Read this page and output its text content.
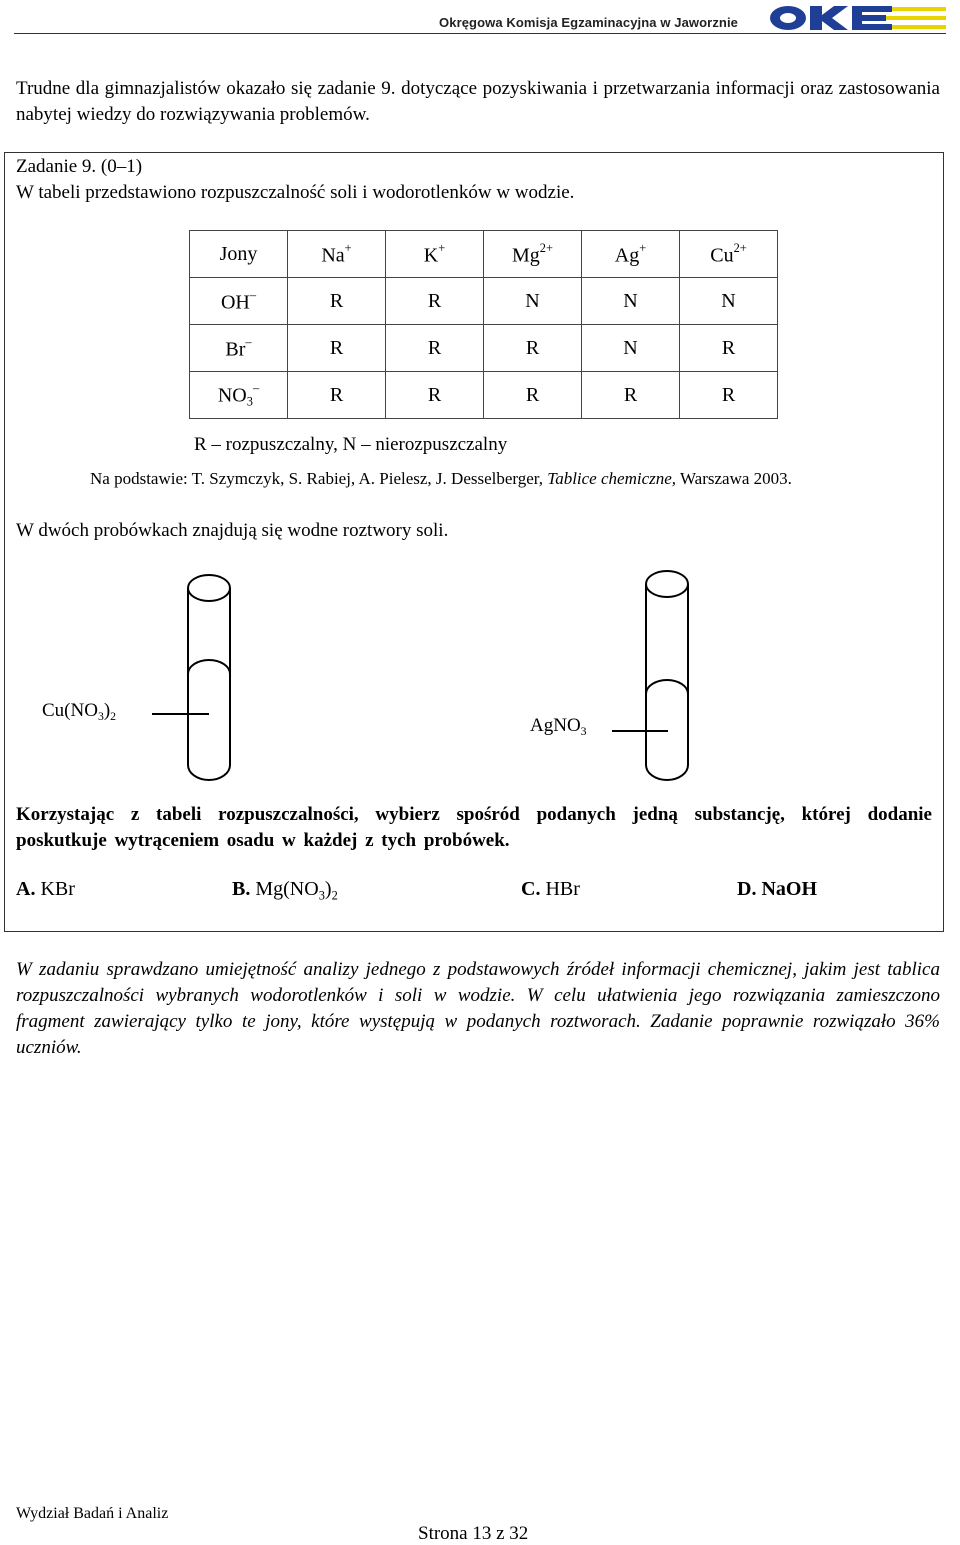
Okręgowa Komisja Egzaminacyjna w Jaworznie
Trudne dla gimnazjalistów okazało się zadanie 9. dotyczące pozyskiwania i przetwarzania informacji oraz zastosowania nabytej wiedzy do rozwiązywania problemów.
Zadanie 9. (0–1)
W tabeli przedstawiono rozpuszczalność soli i wodorotlenków w wodzie.
Jony	Na+	K+	$Mg^{2+}$	Ag+	$Cu^{2+}$
OH–	R	R	N	N	N
Br–	R	R	R	N	R
$NO_3^-$	R	R	R	R	R
R – rozpuszczalny, N – nierozpuszczalny
Na podstawie: T. Szymczyk, S. Rabiej, A. Pielesz, J. Desselberger, Tablice chemiczne, Warszawa 2003.
W dwóch probówkach znajdują się wodne roztwory soli.
$Cu(NO_3)_2$	AgNO$_3$
Korzystając z tabeli rozpuszczalności, wybierz spośród podanych jedną substancję, której dodanie poskutkuje wytrąceniem osadu w każdej z tych probówek.
A. KBr	B. $Mg(NO_3)_2$	C. HBr	D. NaOH
W zadaniu sprawdzano umiejętność analizy jednego z podstawowych źródeł informacji chemicznej, jakim jest tablica rozpuszczalności wybranych wodorotlenków i soli w wodzie. W celu ułatwienia jego rozwiązania zamieszczono fragment zawierający tylko te jony, które występują w podanych roztworach. Zadanie poprawnie rozwiązało 36% uczniów.
Wydział Badań i Analiz
Strona 13 z 32
